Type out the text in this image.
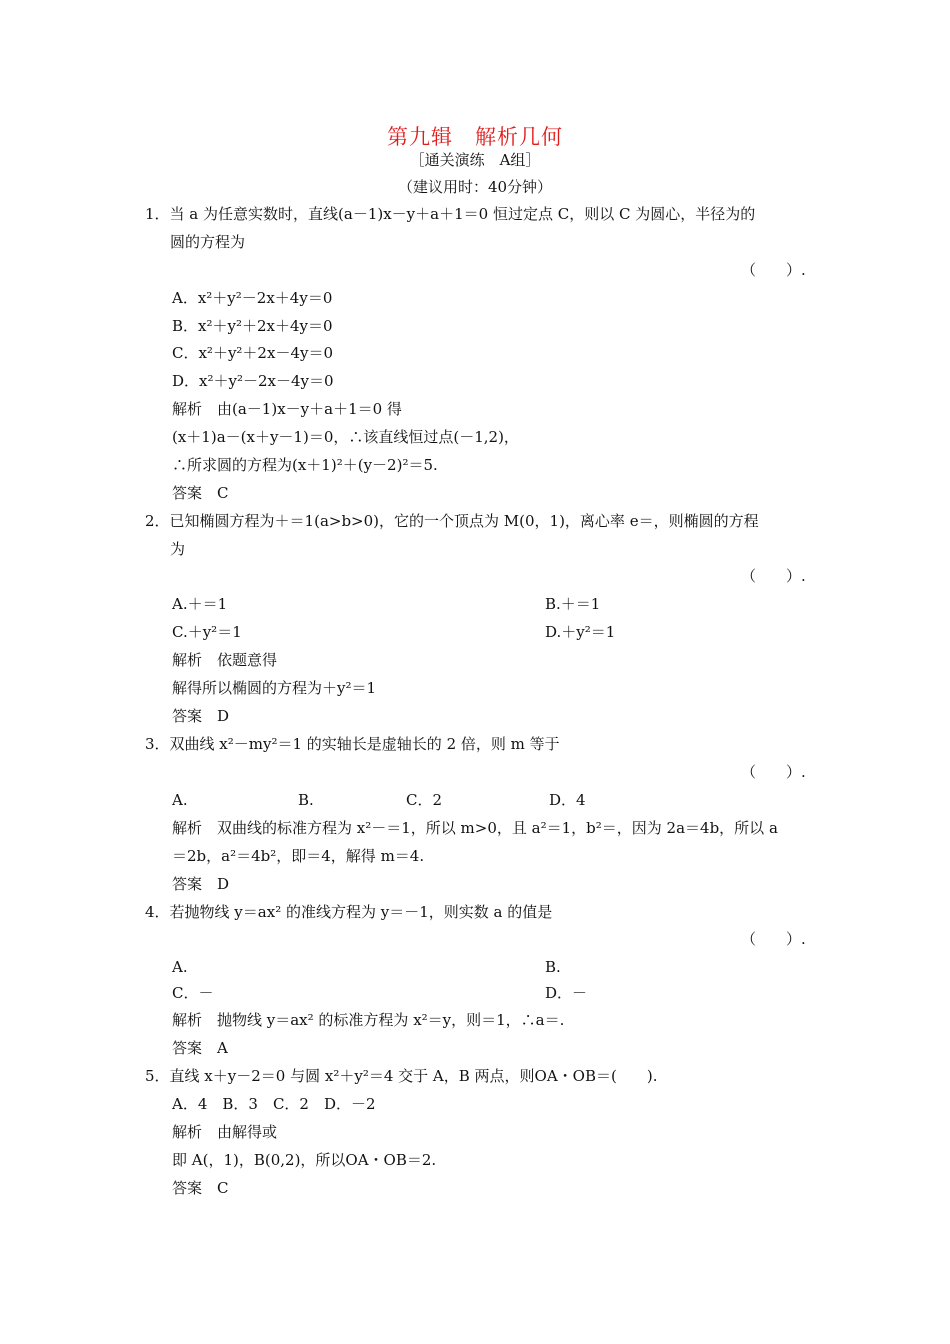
第九辑　解析几何
［通关演练　A组］
（建议用时：40分钟）
1．当 a 为任意实数时，直线(a－1)x－y＋a＋1＝0 恒过定点 C，则以 C 为圆心，半径为的
圆的方程为
（　　）.
A．x²＋y²－2x＋4y＝0
B．x²＋y²＋2x＋4y＝0
C．x²＋y²＋2x－4y＝0
D．x²＋y²－2x－4y＝0
解析　由(a－1)x－y＋a＋1＝0 得
(x＋1)a－(x＋y－1)＝0，∴该直线恒过点(－1,2)，
∴所求圆的方程为(x＋1)²＋(y－2)²＝5.
答案　C
2．已知椭圆方程为＋＝1(a>b>0)，它的一个顶点为 M(0，1)，离心率 e＝，则椭圆的方程
为
（　　）.
A.＋＝1	B.＋＝1
C.＋y²＝1	D.＋y²＝1
解析　依题意得
解得所以椭圆的方程为＋y²＝1
答案　D
3．双曲线 x²－my²＝1 的实轴长是虚轴长的 2 倍，则 m 等于
（　　）.
A.	B.	C．2	D．4
解析　双曲线的标准方程为 x²－＝1，所以 m>0，且 a²＝1，b²＝，因为 2a＝4b，所以 a
＝2b，a²＝4b²，即＝4，解得 m＝4.
答案　D
4．若抛物线 y＝ax² 的准线方程为 y＝－1，则实数 a 的值是
（　　）.
A.	B.
C．－	D．－
解析　抛物线 y＝ax² 的标准方程为 x²＝y，则＝1，∴a＝.
答案　A
5．直线 x＋y－2＝0 与圆 x²＋y²＝4 交于 A，B 两点，则OA・OB＝(　　).
A．4　B．3　C．2　D．－2
解析　由解得或
即 A(，1)，B(0,2)，所以OA・OB＝2.
答案　C
